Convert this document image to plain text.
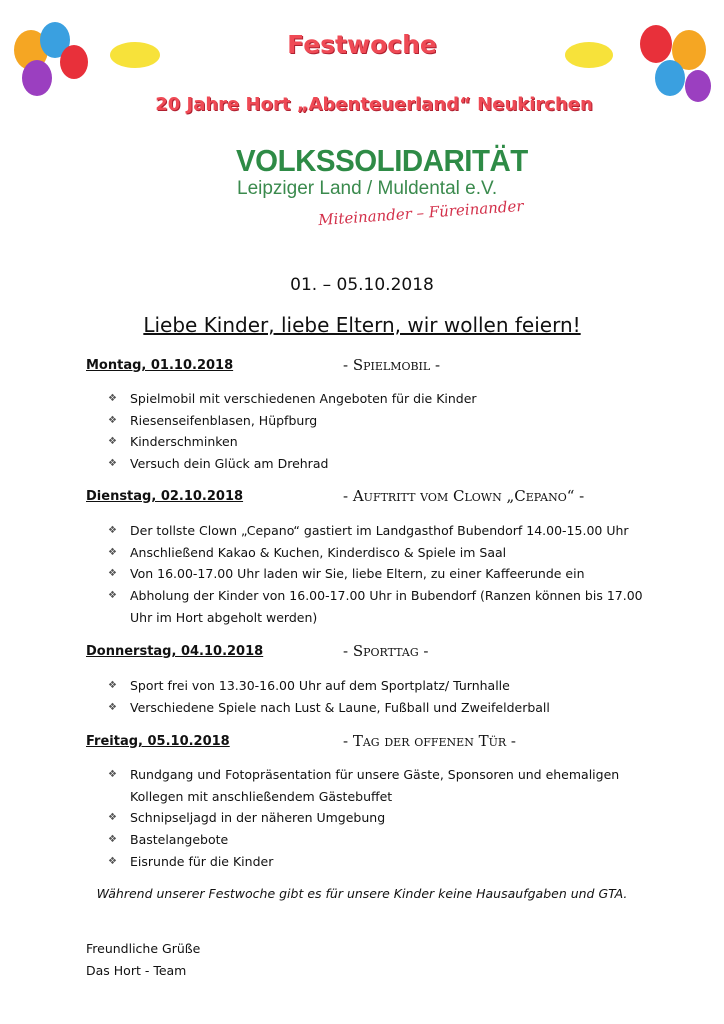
Festwoche
20 Jahre Hort „Abenteuerland“ Neukirchen
VOLKSSOLIDARITÄT
Leipziger Land / Muldental e.V.
Miteinander – Füreinander
01. – 05.10.2018
Liebe Kinder, liebe Eltern, wir wollen feiern!
Montag, 01.10.2018	- Spielmobil -
❖ Spielmobil mit verschiedenen Angeboten für die Kinder
❖ Riesenseifenblasen, Hüpfburg
❖ Kinderschminken
❖ Versuch dein Glück am Drehrad
Dienstag, 02.10.2018	- Auftritt vom Clown „Cepano“ -
❖ Der tollste Clown „Cepano“ gastiert im Landgasthof Bubendorf 14.00-15.00 Uhr
❖ Anschließend Kakao & Kuchen, Kinderdisco & Spiele im Saal
❖ Von 16.00-17.00 Uhr laden wir Sie, liebe Eltern, zu einer Kaffeerunde ein
❖ Abholung der Kinder von 16.00-17.00 Uhr in Bubendorf (Ranzen können bis 17.00 Uhr im Hort abgeholt werden)
Donnerstag, 04.10.2018	- Sporttag -
❖ Sport frei von 13.30-16.00 Uhr auf dem Sportplatz/ Turnhalle
❖ Verschiedene Spiele nach Lust & Laune, Fußball und Zweifelderball
Freitag, 05.10.2018	- Tag der offenen Tür -
❖ Rundgang und Fotopräsentation für unsere Gäste, Sponsoren und ehemaligen Kollegen mit anschließendem Gästebuffet
❖ Schnipseljagd in der näheren Umgebung
❖ Bastelangebote
❖ Eisrunde für die Kinder
Während unserer Festwoche gibt es für unsere Kinder keine Hausaufgaben und GTA.
Freundliche Grüße
Das Hort - Team
